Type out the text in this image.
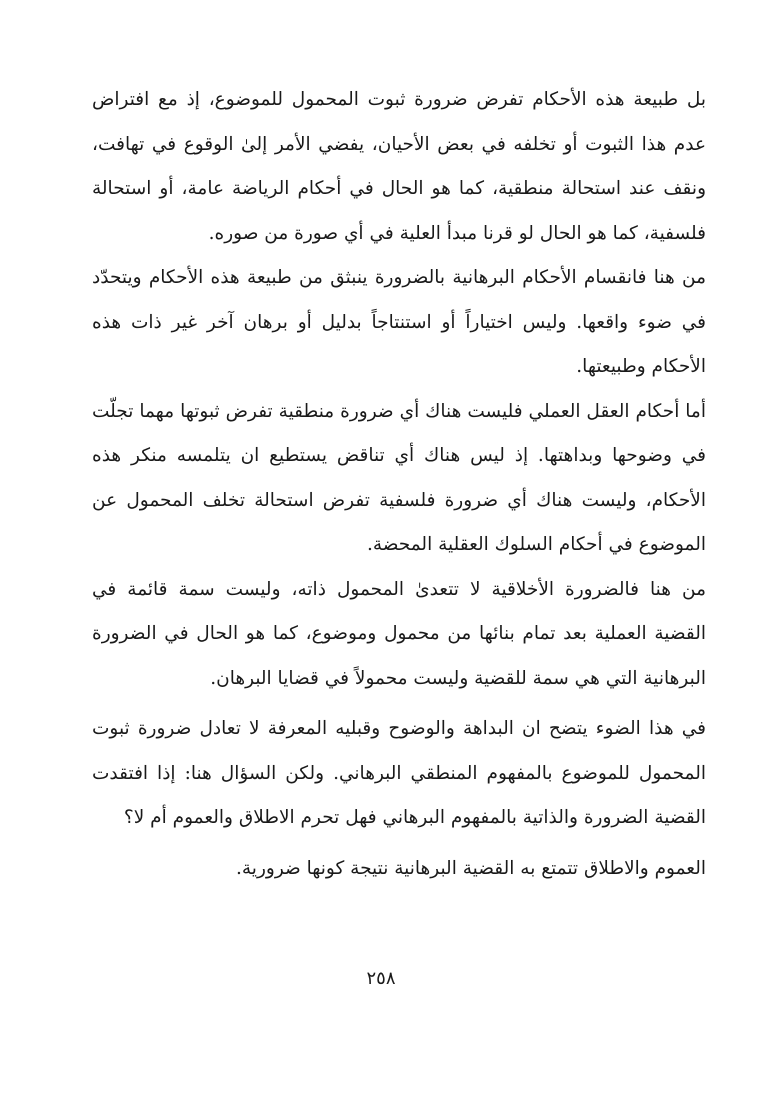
بل طبيعة هذه الأحكام تفرض ضرورة ثبوت المحمول للموضوع، إذ مع افتراض عدم هذا الثبوت أو تخلفه في بعض الأحيان، يفضي الأمر إلىٰ الوقوع في تهافت، ونقف عند استحالة منطقية، كما هو الحال في أحكام الرياضة عامة، أو استحالة فلسفية، كما هو الحال لو قرنا مبدأ العلية في أي صورة من صوره.

من هنا فانقسام الأحكام البرهانية بالضرورة ينبثق من طبيعة هذه الأحكام ويتحدّد في ضوء واقعها. وليس اختياراً أو استنتاجاً بدليل أو برهان آخر غير ذات هذه الأحكام وطبيعتها.

أما أحكام العقل العملي فليست هناك أي ضرورة منطقية تفرض ثبوتها مهما تجلّت في وضوحها وبداهتها. إذ ليس هناك أي تناقض يستطيع ان يتلمسه منكر هذه الأحكام، وليست هناك أي ضرورة فلسفية تفرض استحالة تخلف المحمول عن الموضوع في أحكام السلوك العقلية المحضة.

من هنا فالضرورة الأخلاقية لا تتعدىٰ المحمول ذاته، وليست سمة قائمة في القضية العملية بعد تمام بنائها من محمول وموضوع، كما هو الحال في الضرورة البرهانية التي هي سمة للقضية وليست محمولاً في قضايا البرهان.

في هذا الضوء يتضح ان البداهة والوضوح وقبليه المعرفة لا تعادل ضرورة ثبوت المحمول للموضوع بالمفهوم المنطقي البرهاني. ولكن السؤال هنا: إذا افتقدت القضية الضرورة والذاتية بالمفهوم البرهاني فهل تحرم الاطلاق والعموم أم لا؟

العموم والاطلاق تتمتع به القضية البرهانية نتيجة كونها ضرورية.

٢٥٨
